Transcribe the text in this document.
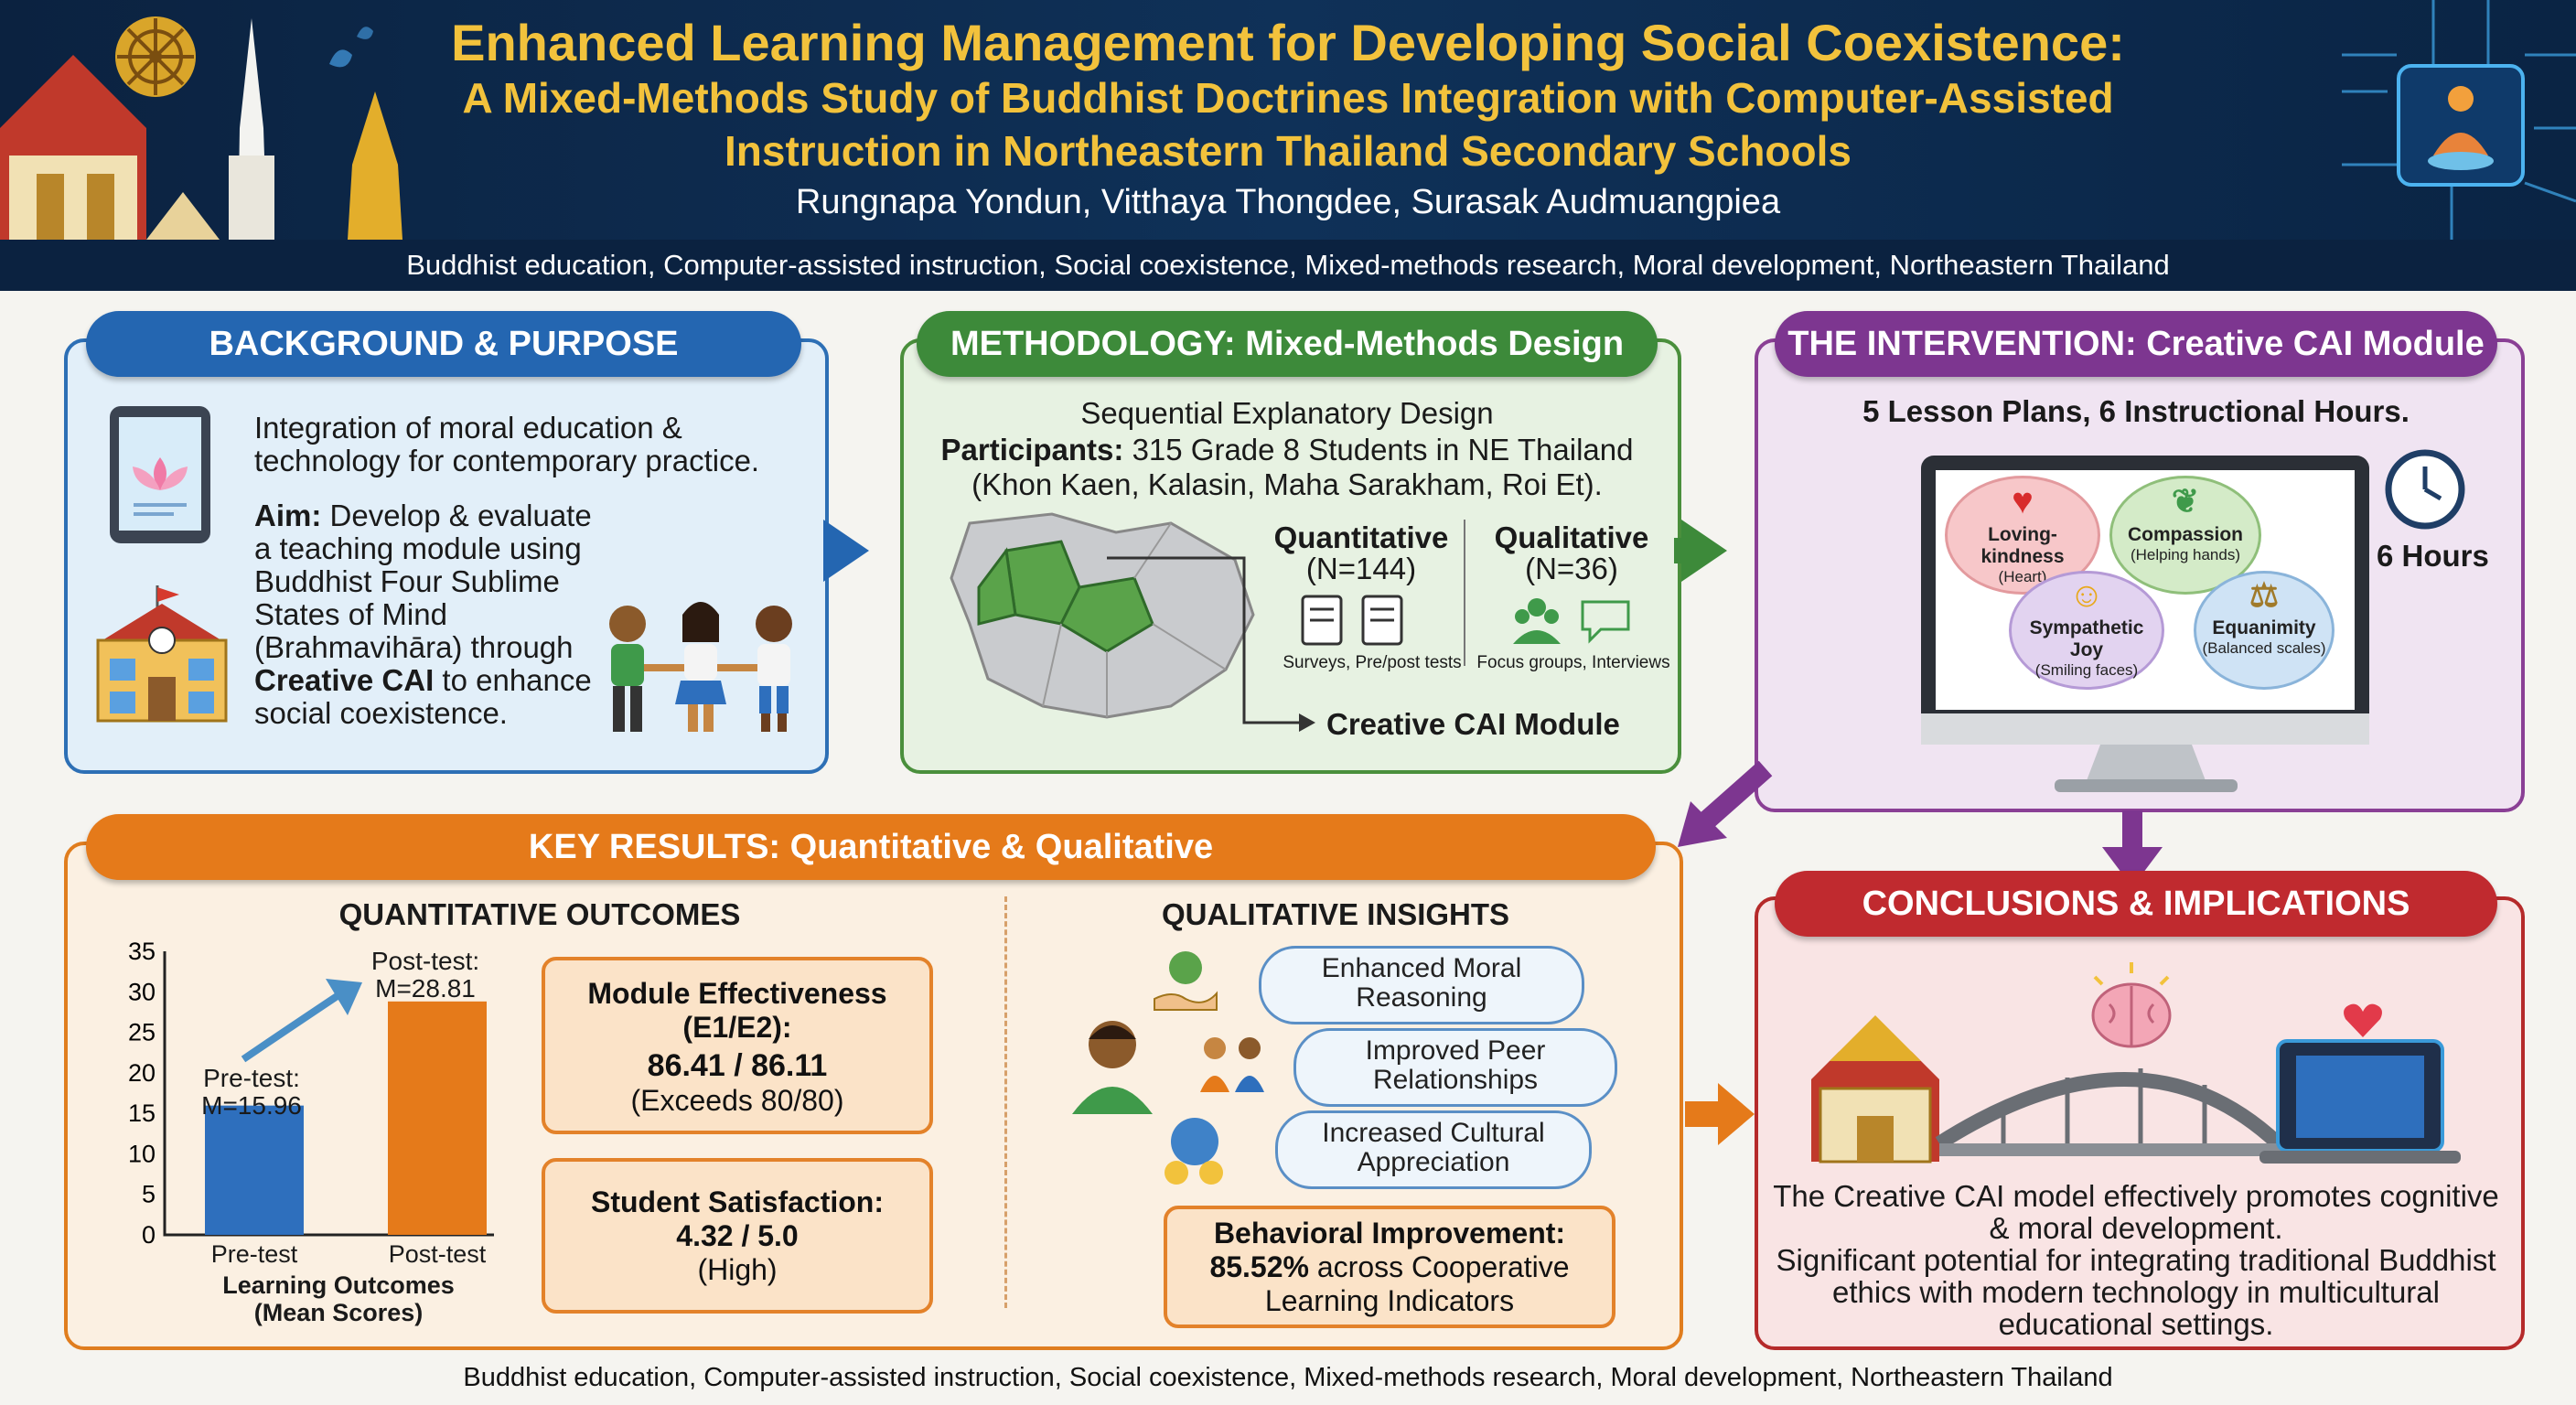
Enhanced Learning Management for Developing Social Coexistence:
A Mixed-Methods Study of Buddhist Doctrines Integration with Computer-Assisted
Instruction in Northeastern Thailand Secondary Schools
Rungnapa Yondun, Vitthaya Thongdee, Surasak Audmuangpiea
Buddhist education, Computer-assisted instruction, Social coexistence, Mixed-methods research, Moral development, Northeastern Thailand
BACKGROUND & PURPOSE
Integration of moral education & technology for contemporary practice.
Aim: Develop & evaluate a teaching module using Buddhist Four Sublime States of Mind (Brahmavihāra) through Creative CAI to enhance social coexistence.
METHODOLOGY: Mixed-Methods Design
Sequential Explanatory Design
Participants: 315 Grade 8 Students in NE Thailand
(Khon Kaen, Kalasin, Maha Sarakham, Roi Et).
Quantitative
(N=144)
Qualitative
(N=36)
Surveys, Pre/post tests Focus groups, Interviews
Creative CAI Module
THE INTERVENTION: Creative CAI Module
5 Lesson Plans, 6 Instructional Hours.
♥
Loving-kindness
(Heart)
❦
Compassion
(Helping hands)
☺
Sympathetic Joy
(Smiling faces)
⚖
Equanimity
(Balanced scales)
6 Hours
KEY RESULTS: Quantitative & Qualitative
QUANTITATIVE OUTCOMES	QUALITATIVE INSIGHTS
0
5
10
15
20
25
30
35
Pre-test:
M=15.96
Post-test:
M=28.81
Learning Outcomes
(Mean Scores)
Module Effectiveness
(E1/E2):
86.41 / 86.11
(Exceeds 80/80)
Student Satisfaction:
4.32 / 5.0
(High)
Enhanced Moral Reasoning
Improved Peer Relationships
Increased Cultural Appreciation
Behavioral Improvement:
85.52% across Cooperative
Learning Indicators
CONCLUSIONS & IMPLICATIONS
The Creative CAI model effectively promotes cognitive & moral development.
Significant potential for integrating traditional Buddhist ethics with modern technology in multicultural educational settings.
Buddhist education, Computer-assisted instruction, Social coexistence, Mixed-methods research, Moral development, Northeastern Thailand
Pre-test	Post-test
